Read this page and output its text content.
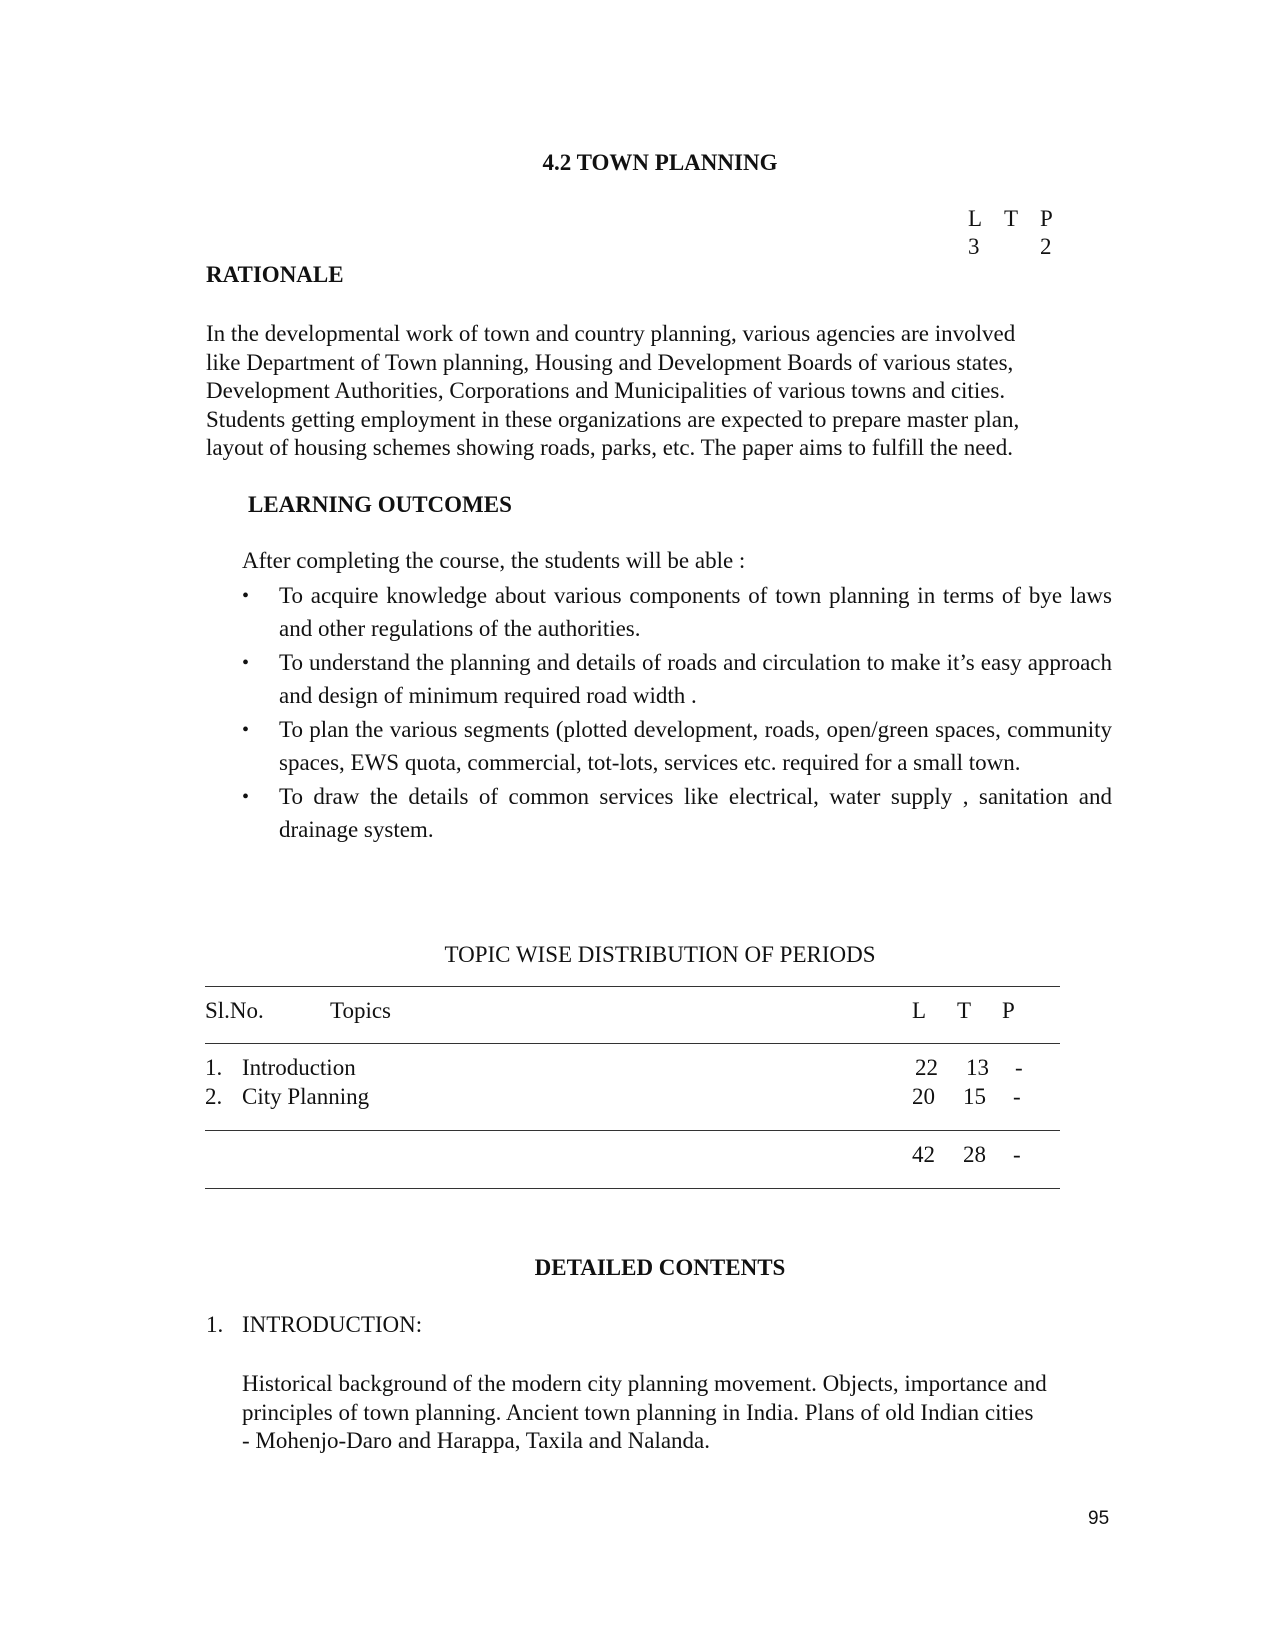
4.2 TOWN PLANNING

L T P
3	2

RATIONALE

In the developmental work of town and country planning, various agencies are involved
like Department of Town planning, Housing and Development Boards of various states,
Development Authorities, Corporations and Municipalities of various towns and cities.
Students getting employment in these organizations are expected to prepare master plan,
layout of housing schemes showing roads, parks, etc. The paper aims to fulfill the need.

LEARNING OUTCOMES

After completing the course, the students will be able :

• To acquire knowledge about various components of town planning in terms of bye laws and other regulations of the authorities.
• To understand the planning and details of roads and circulation to make it’s easy approach and design of minimum required road width .
• To plan the various segments (plotted development, roads, open/green spaces, community spaces, EWS quota, commercial, tot-lots, services etc. required for a small town.
• To draw the details of common services like electrical, water supply , sanitation and drainage system.

TOPIC WISE DISTRIBUTION OF PERIODS

Sl.No.	Topics	L T P

1. Introduction	22 13 -

2. City Planning	20 15 -

42 28 -

DETAILED CONTENTS

1. INTRODUCTION:

Historical background of the modern city planning movement. Objects, importance and
principles of town planning. Ancient town planning in India. Plans of old Indian cities
- Mohenjo-Daro and Harappa, Taxila and Nalanda.

95
